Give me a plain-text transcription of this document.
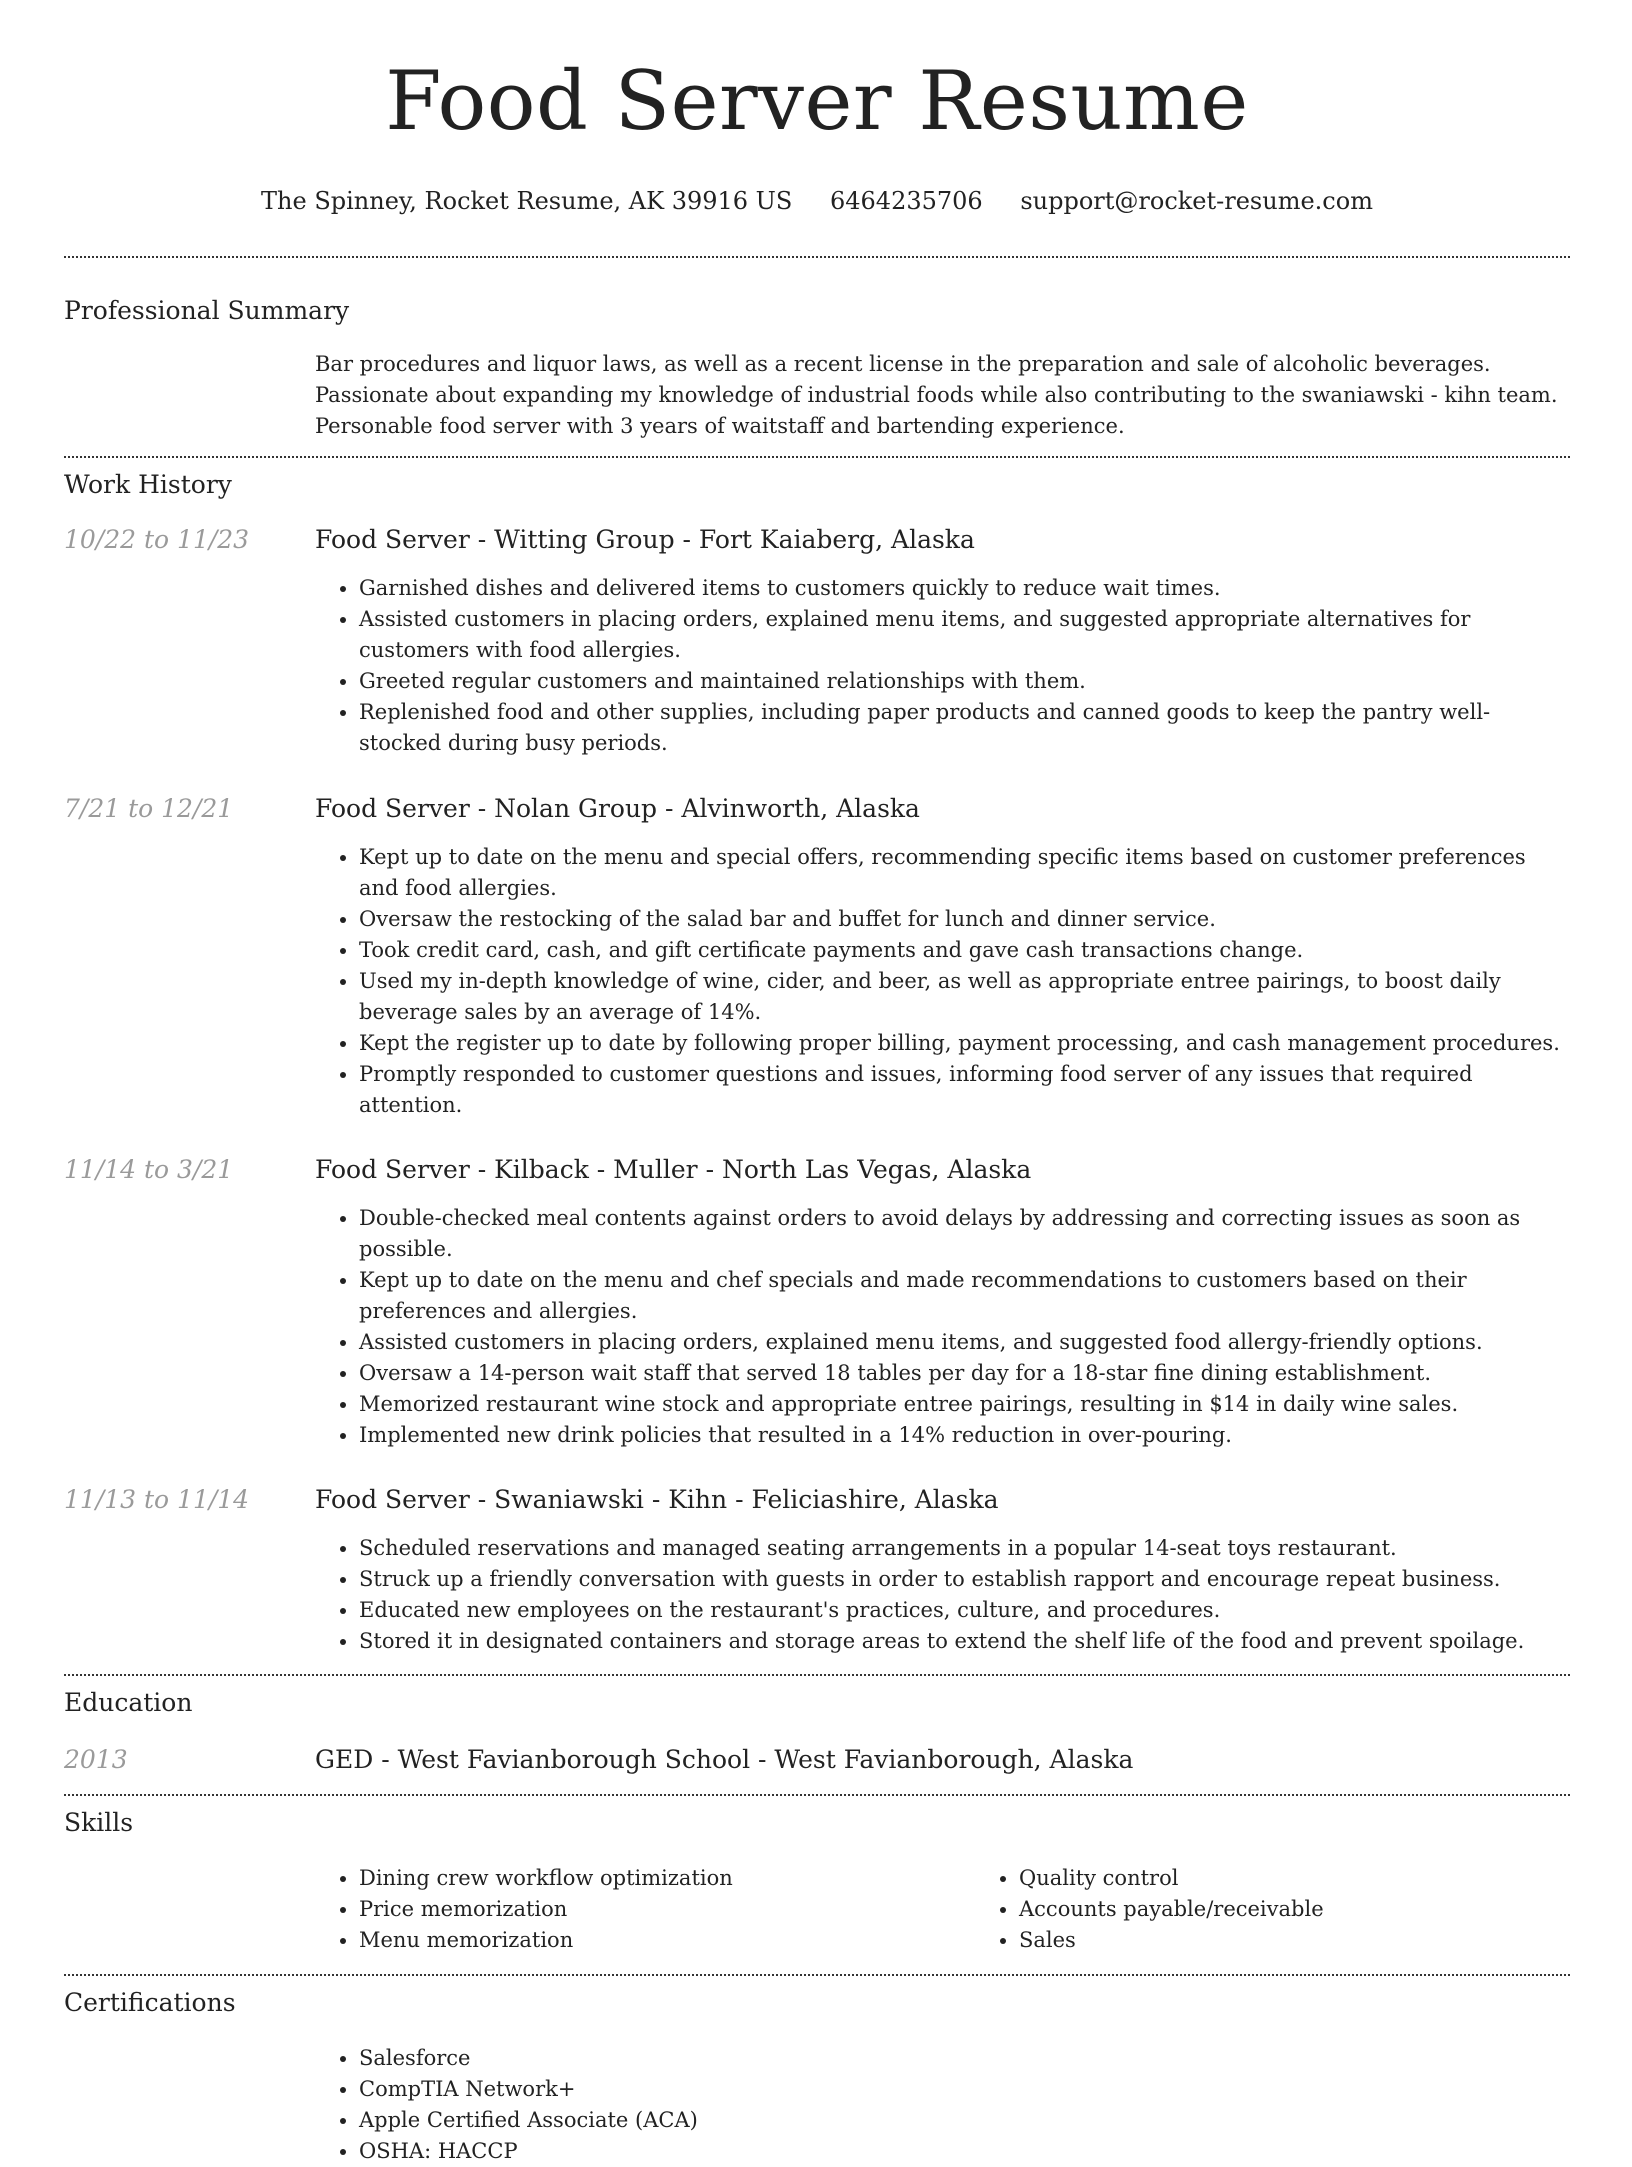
Food Server Resume
The Spinney, Rocket Resume, AK 39916 US 6464235706 support@rocket-resume.com
Professional Summary
Bar procedures and liquor laws, as well as a recent license in the preparation and sale of alcoholic beverages. Passionate about expanding my knowledge of industrial foods while also contributing to the swaniawski - kihn team. Personable food server with 3 years of waitstaff and bartending experience.
Work History
10/22 to 11/23	Food Server - Witting Group - Fort Kaiaberg, Alaska
• Garnished dishes and delivered items to customers quickly to reduce wait times.
• Assisted customers in placing orders, explained menu items, and suggested appropriate alternatives for customers with food allergies.
• Greeted regular customers and maintained relationships with them.
• Replenished food and other supplies, including paper products and canned goods to keep the pantry well-stocked during busy periods.
7/21 to 12/21	Food Server - Nolan Group - Alvinworth, Alaska
• Kept up to date on the menu and special offers, recommending specific items based on customer preferences and food allergies.
• Oversaw the restocking of the salad bar and buffet for lunch and dinner service.
• Took credit card, cash, and gift certificate payments and gave cash transactions change.
• Used my in-depth knowledge of wine, cider, and beer, as well as appropriate entree pairings, to boost daily beverage sales by an average of 14%.
• Kept the register up to date by following proper billing, payment processing, and cash management procedures.
• Promptly responded to customer questions and issues, informing food server of any issues that required attention.
11/14 to 3/21	Food Server - Kilback - Muller - North Las Vegas, Alaska
• Double-checked meal contents against orders to avoid delays by addressing and correcting issues as soon as possible.
• Kept up to date on the menu and chef specials and made recommendations to customers based on their preferences and allergies.
• Assisted customers in placing orders, explained menu items, and suggested food allergy-friendly options.
• Oversaw a 14-person wait staff that served 18 tables per day for a 18-star fine dining establishment.
• Memorized restaurant wine stock and appropriate entree pairings, resulting in $14 in daily wine sales.
• Implemented new drink policies that resulted in a 14% reduction in over-pouring.
11/13 to 11/14	Food Server - Swaniawski - Kihn - Feliciashire, Alaska
• Scheduled reservations and managed seating arrangements in a popular 14-seat toys restaurant.
• Struck up a friendly conversation with guests in order to establish rapport and encourage repeat business.
• Educated new employees on the restaurant's practices, culture, and procedures.
• Stored it in designated containers and storage areas to extend the shelf life of the food and prevent spoilage.
Education
2013	GED - West Favianborough School - West Favianborough, Alaska
Skills
• Dining crew workflow optimization
• Price memorization
• Menu memorization
• Quality control
• Accounts payable/receivable
• Sales
Certifications
• Salesforce
• CompTIA Network+
• Apple Certified Associate (ACA)
• OSHA: HACCP
